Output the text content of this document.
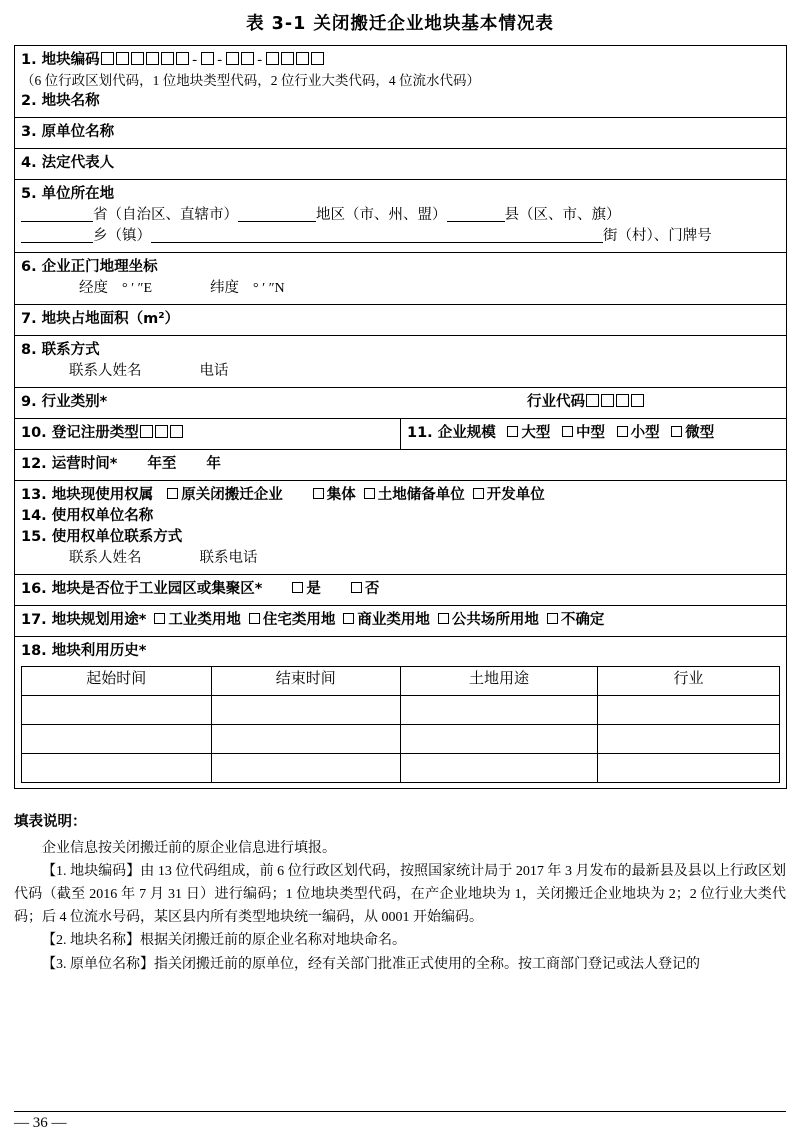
表 3-1 关闭搬迁企业地块基本情况表
1. 地块编码	- - -
（6 位行政区划代码，1 位地块类型代码，2 位行业大类代码，4 位流水代码）
2. 地块名称

3. 原单位名称
4. 法定代表人
5. 单位所在地
省（自治区、直辖市）	地区（市、州、盟）	县（区、市、旗）
乡（镇）	街（村）、门牌号

6. 企业正门地理坐标
经度 ° ′ ″E	纬度 ° ′ ″N

7. 地块占地面积（m²）
8. 联系方式
联系人姓名	电话

9. 行业类别*	行业代码

10. 登记注册类型	11. 企业规模 大型 中型 小型 微型
12. 运营时间* 年至 年
13. 地块现使用权属 原关闭搬迁企业	集体 土地储备单位 开发单位
14. 使用权单位名称
15. 使用权单位联系方式
联系人姓名	联系电话

16. 地块是否位于工业园区或集聚区*	是	否
17. 地块规划用途* 工业类用地 住宅类用地 商业类用地 公共场所用地 不确定
18. 地块利用历史*
起始时间	结束时间	土地用途	行业

填表说明：

企业信息按关闭搬迁前的原企业信息进行填报。

【1. 地块编码】由 13 位代码组成，前 6 位行政区划代码，按照国家统计局于 2017 年 3 月发布的最新县及县以上行政区划代码（截至 2016 年 7 月 31 日）进行编码；1 位地块类型代码，在产企业地块为 1，关闭搬迁企业地块为 2；2 位行业大类代码；后 4 位流水号码，某区县内所有类型地块统一编码，从 0001 开始编码。

【2. 地块名称】根据关闭搬迁前的原企业名称对地块命名。

【3. 原单位名称】指关闭搬迁前的原单位，经有关部门批准正式使用的全称。按工商部门登记或法人登记的

— 36 —
